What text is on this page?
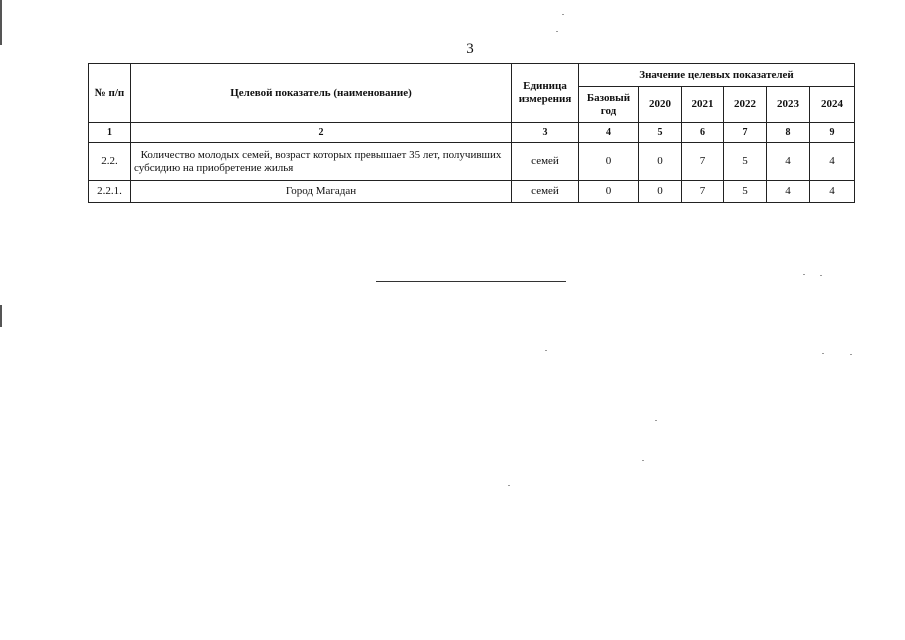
3
№ п/п	Целевой показатель (наименование)	Единица измерения	Значение целевых показателей					
			Базовый год	2020	2021	2022	2023	2024
1	2	3	4	5	6	7	8	9
2.2.	Количество молодых семей, возраст которых превышает 35 лет, получивших субсидию на приобретение жилья	семей	0	0	7	5	4	4
2.2.1.	Город Магадан	семей	0	0	7	5	4	4
